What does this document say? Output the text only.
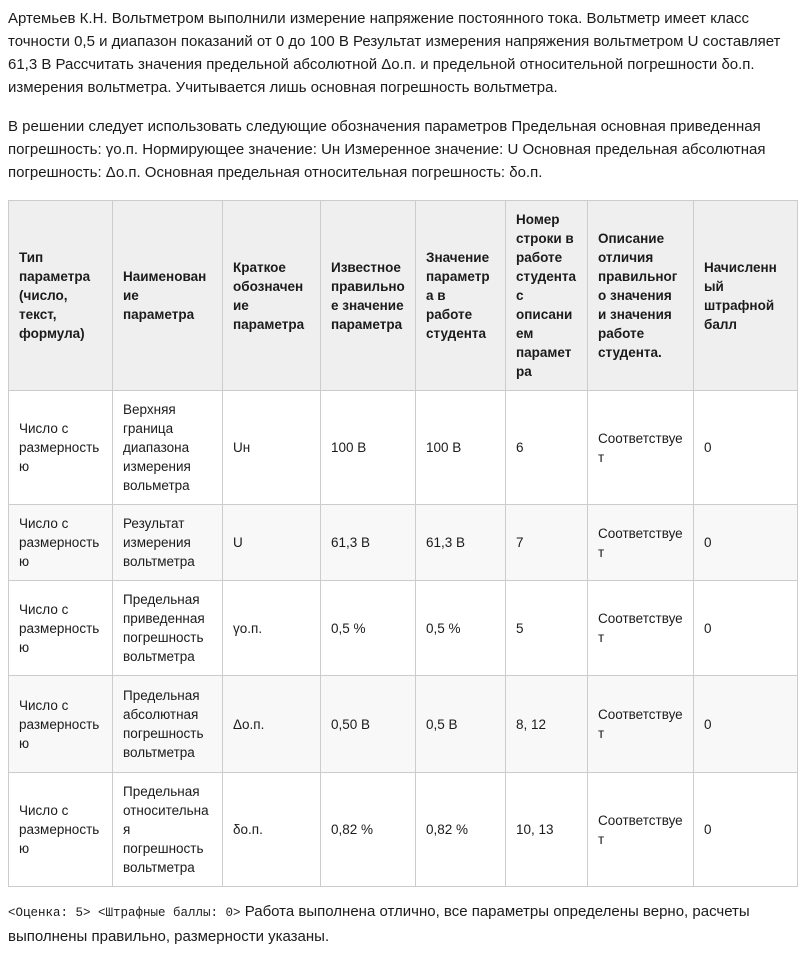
Артемьев К.Н. Вольтметром выполнили измерение напряжение постоянного тока. Вольтметр имеет класс точности 0,5 и диапазон показаний от 0 до 100 В Результат измерения напряжения вольтметром U составляет 61,3 В Рассчитать значения предельной абсолютной Δо.п. и предельной относительной погрешности δо.п. измерения вольтметра. Учитывается лишь основная погрешность вольтметра.

В решении следует использовать следующие обозначения параметров Предельная основная приведенная погрешность: γо.п. Нормирующее значение: Uн Измеренное значение: U Основная предельная абсолютная погрешность: Δо.п. Основная предельная относительная погрешность: δо.п.

Тип параметра (число, текст, формула)	Наименование параметра	Краткое обозначение параметра	Известное правильное значение параметра	Значение параметра в работе студента	Номер строки в работе студента с описанием параметра	Описание отличия правильного значения и значения работе студента.	Начисленный штрафной балл
Число с размерностью	Верхняя граница диапазона измерения вольметра	Uн	100 В	100 В	6	Соответствует	0
Число с размерностью	Результат измерения вольтметра	U	61,3 В	61,3 В	7	Соответствует	0
Число с размерностью	Предельная приведенная погрешность вольтметра	γо.п.	0,5 %	0,5 %	5	Соответствует	0
Число с размерностью	Предельная абсолютная погрешность вольтметра	Δо.п.	0,50 В	0,5 В	8, 12	Соответствует	0
Число с размерностью	Предельная относительная погрешность вольтметра	δо.п.	0,82 %	0,82 %	10, 13	Соответствует	0

<Оценка: 5> <Штрафные баллы: 0> Работа выполнена отлично, все параметры определены верно, расчеты выполнены правильно, размерности указаны.
